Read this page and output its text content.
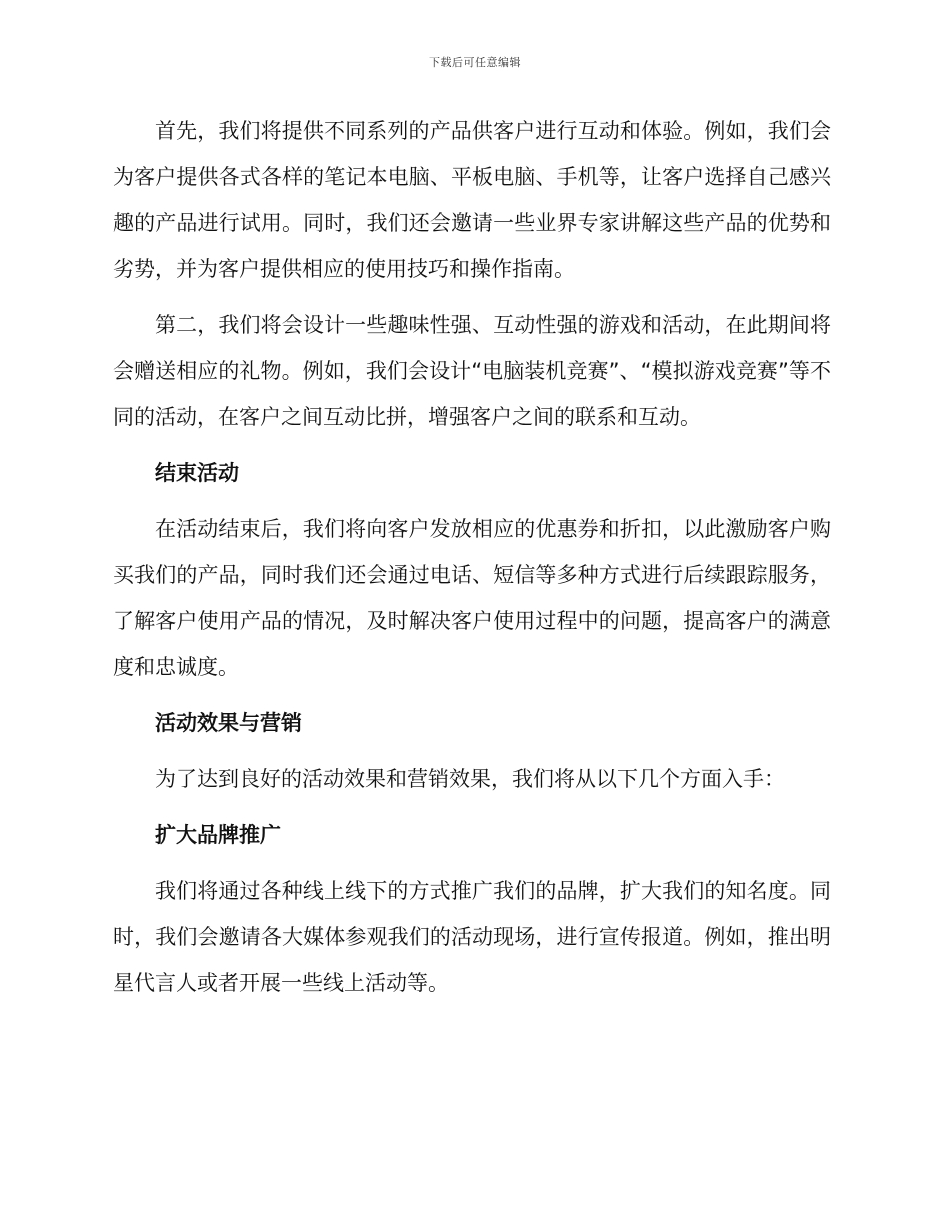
下载后可任意编辑

首先，我们将提供不同系列的产品供客户进行互动和体验。例如，我们会为客户提供各式各样的笔记本电脑、平板电脑、手机等，让客户选择自己感兴趣的产品进行试用。同时，我们还会邀请一些业界专家讲解这些产品的优势和劣势，并为客户提供相应的使用技巧和操作指南。

第二，我们将会设计一些趣味性强、互动性强的游戏和活动，在此期间将会赠送相应的礼物。例如，我们会设计“电脑装机竞赛”、“模拟游戏竞赛”等不同的活动，在客户之间互动比拼，增强客户之间的联系和互动。

结束活动

在活动结束后，我们将向客户发放相应的优惠券和折扣，以此激励客户购买我们的产品，同时我们还会通过电话、短信等多种方式进行后续跟踪服务，了解客户使用产品的情况，及时解决客户使用过程中的问题，提高客户的满意度和忠诚度。

活动效果与营销

为了达到良好的活动效果和营销效果，我们将从以下几个方面入手：

扩大品牌推广

我们将通过各种线上线下的方式推广我们的品牌，扩大我们的知名度。同时，我们会邀请各大媒体参观我们的活动现场，进行宣传报道。例如，推出明星代言人或者开展一些线上活动等。
